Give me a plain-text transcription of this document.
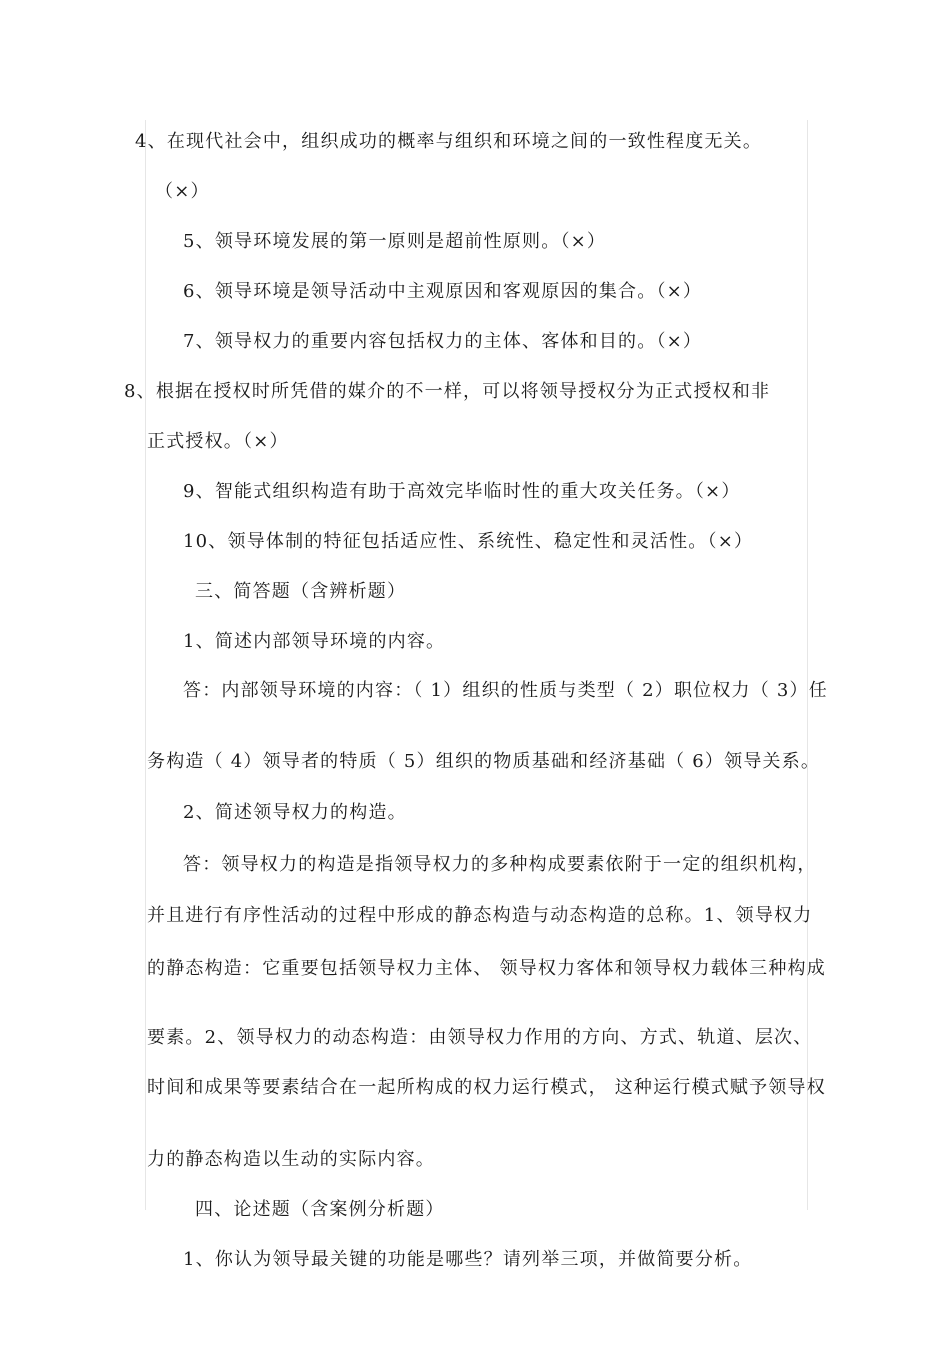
4、在现代社会中，组织成功的概率与组织和环境之间的一致性程度无关。
（×）
5、领导环境发展的第一原则是超前性原则。（×）
6、领导环境是领导活动中主观原因和客观原因的集合。（×）
7、领导权力的重要内容包括权力的主体、客体和目的。（×）
8、根据在授权时所凭借的媒介的不一样，可以将领导授权分为正式授权和非
正式授权。（×）
9、智能式组织构造有助于高效完毕临时性的重大攻关任务。（×）
10、领导体制的特征包括适应性、系统性、稳定性和灵活性。（×）
三、简答题（含辨析题）
1、简述内部领导环境的内容。
答：内部领导环境的内容：（ 1）组织的性质与类型（ 2）职位权力（ 3）任
务构造（ 4）领导者的特质（ 5）组织的物质基础和经济基础（ 6）领导关系。
2、简述领导权力的构造。
答：领导权力的构造是指领导权力的多种构成要素依附于一定的组织机构，
并且进行有序性活动的过程中形成的静态构造与动态构造的总称。1、领导权力
的静态构造：它重要包括领导权力主体、 领导权力客体和领导权力载体三种构成
要素。2、领导权力的动态构造：由领导权力作用的方向、方式、轨道、层次、
时间和成果等要素结合在一起所构成的权力运行模式， 这种运行模式赋予领导权
力的静态构造以生动的实际内容。
四、论述题（含案例分析题）
1、你认为领导最关键的功能是哪些？请列举三项，并做简要分析。
